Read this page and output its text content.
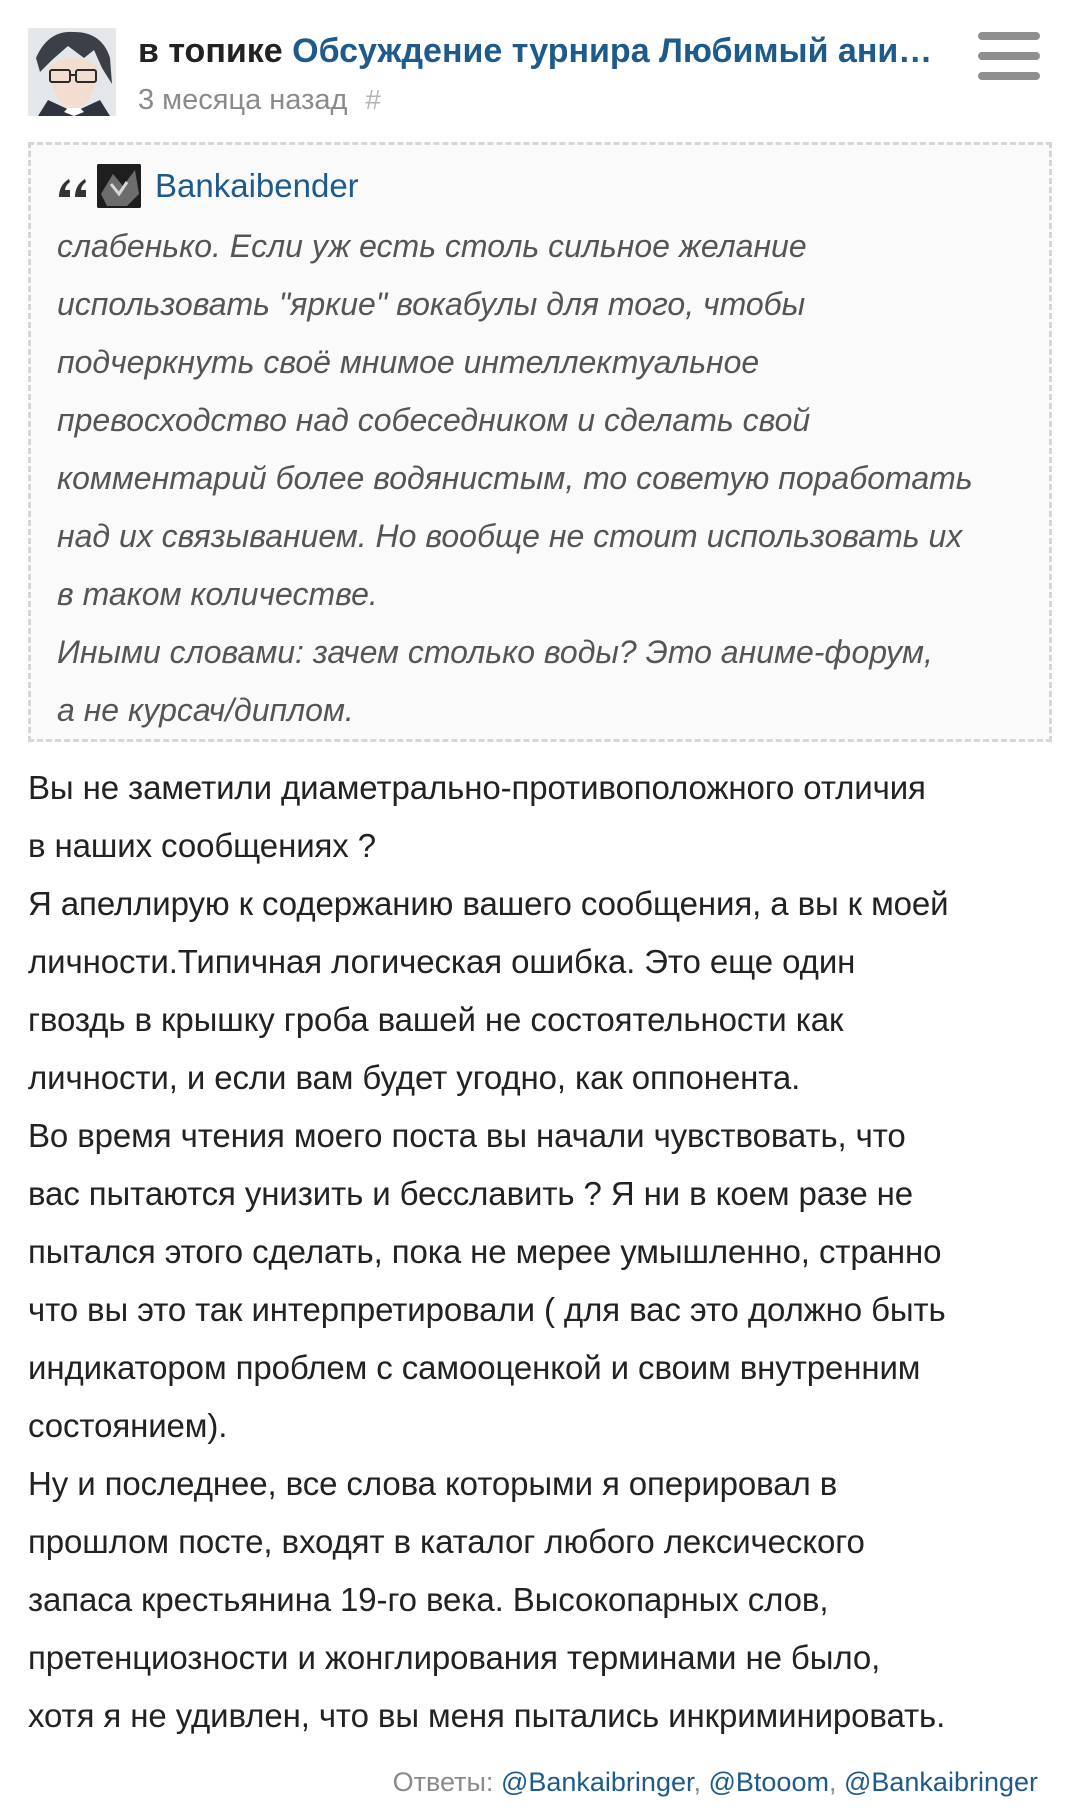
в топике Обсуждение турнира Любимый ани…
3 месяца назад #
Bankaibender

слабенько. Если уж есть столь сильное желание

использовать "яркие" вокабулы для того, чтобы

подчеркнуть своё мнимое интеллектуальное

превосходство над собеседником и сделать свой

комментарий более водянистым, то советую поработать

над их связыванием. Но вообще не стоит использовать их

в таком количестве.

Иными словами: зачем столько воды? Это аниме-форум,

а не курсач/диплом.

Вы не заметили диаметрально-противоположного отличия

в наших сообщениях ?

Я апеллирую к содержанию вашего сообщения, а вы к моей

личности.Типичная логическая ошибка. Это еще один

гвоздь в крышку гроба вашей не состоятельности как

личности, и если вам будет угодно, как оппонента.

Во время чтения моего поста вы начали чувствовать, что

вас пытаются унизить и бесславить ? Я ни в коем разе не

пытался этого сделать, пока не мерее умышленно, странно

что вы это так интерпретировали ( для вас это должно быть

индикатором проблем с самооценкой и своим внутренним

состоянием).

Ну и последнее, все слова которыми я оперировал в

прошлом посте, входят в каталог любого лексического

запаса крестьянина 19-го века. Высокопарных слов,

претенциозности и жонглирования терминами не было,

хотя я не удивлен, что вы меня пытались инкриминировать.

Ответы: @Bankaibringer, @Btooom, @Bankaibringer
